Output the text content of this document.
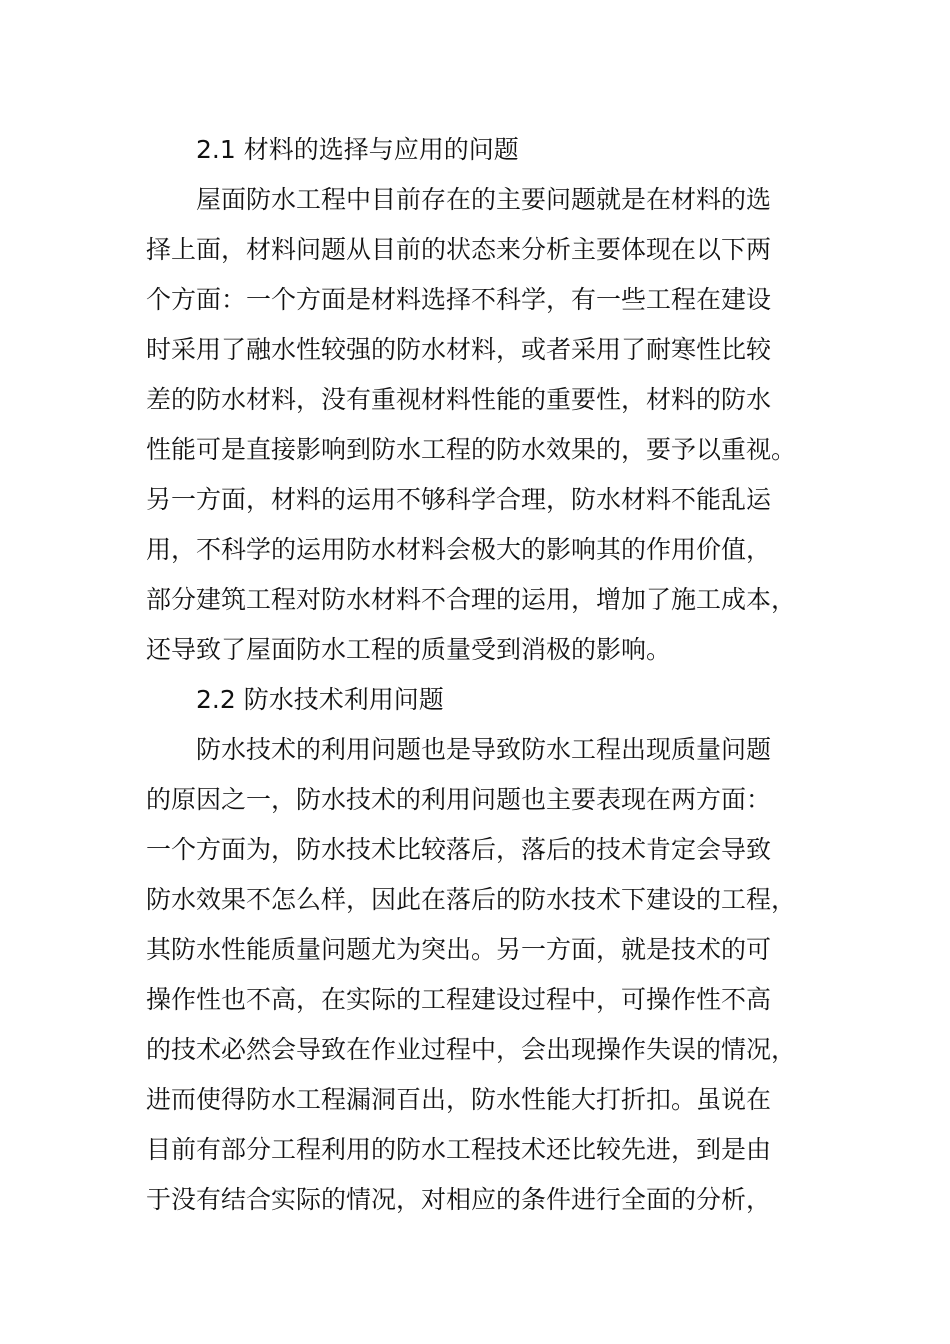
2.1 材料的选择与应用的问题
屋面防水工程中目前存在的主要问题就是在材料的选
择上面，材料问题从目前的状态来分析主要体现在以下两
个方面：一个方面是材料选择不科学，有一些工程在建设
时采用了融水性较强的防水材料，或者采用了耐寒性比较
差的防水材料，没有重视材料性能的重要性，材料的防水
性能可是直接影响到防水工程的防水效果的，要予以重视。
另一方面，材料的运用不够科学合理，防水材料不能乱运
用，不科学的运用防水材料会极大的影响其的作用价值，
部分建筑工程对防水材料不合理的运用，增加了施工成本，
还导致了屋面防水工程的质量受到消极的影响。
2.2 防水技术利用问题
防水技术的利用问题也是导致防水工程出现质量问题
的原因之一，防水技术的利用问题也主要表现在两方面：
一个方面为，防水技术比较落后，落后的技术肯定会导致
防水效果不怎么样，因此在落后的防水技术下建设的工程，
其防水性能质量问题尤为突出。另一方面，就是技术的可
操作性也不高，在实际的工程建设过程中，可操作性不高
的技术必然会导致在作业过程中，会出现操作失误的情况，
进而使得防水工程漏洞百出，防水性能大打折扣。虽说在
目前有部分工程利用的防水工程技术还比较先进，到是由
于没有结合实际的情况，对相应的条件进行全面的分析，
